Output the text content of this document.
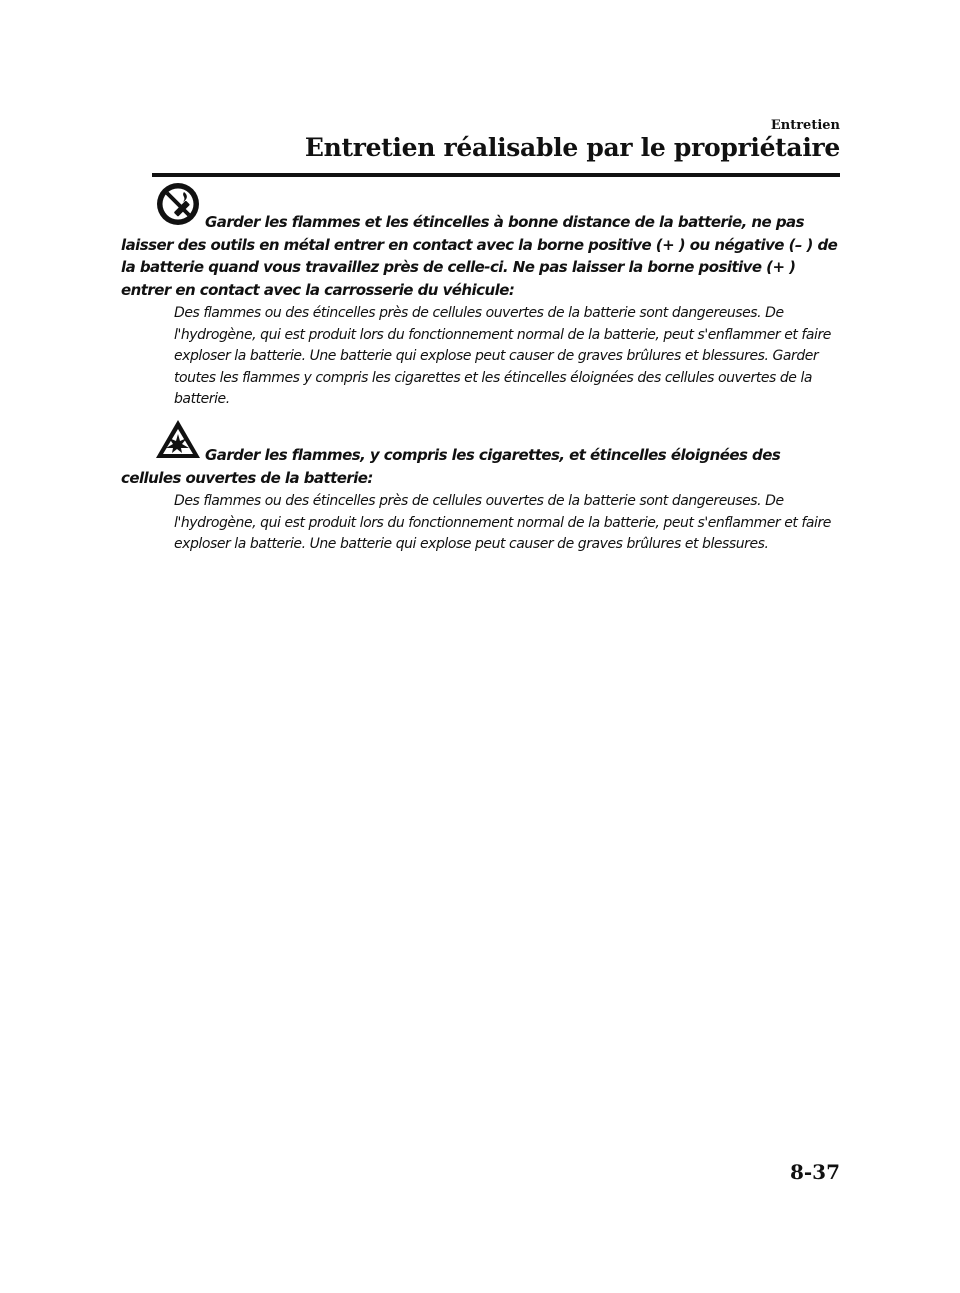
Entretien
Entretien réalisable par le propriétaire

Garder les flammes et les étincelles à bonne distance de la batterie, ne pas laisser des outils en métal entrer en contact avec la borne positive (+ ) ou négative (– ) de la batterie quand vous travaillez près de celle-ci. Ne pas laisser la borne positive (+ ) entrer en contact avec la carrosserie du véhicule:

Des flammes ou des étincelles près de cellules ouvertes de la batterie sont dangereuses. De l'hydrogène, qui est produit lors du fonctionnement normal de la batterie, peut s'enflammer et faire exploser la batterie. Une batterie qui explose peut causer de graves brûlures et blessures. Garder toutes les flammes y compris les cigarettes et les étincelles éloignées des cellules ouvertes de la batterie.

Garder les flammes, y compris les cigarettes, et étincelles éloignées des cellules ouvertes de la batterie:

Des flammes ou des étincelles près de cellules ouvertes de la batterie sont dangereuses. De l'hydrogène, qui est produit lors du fonctionnement normal de la batterie, peut s'enflammer et faire exploser la batterie. Une batterie qui explose peut causer de graves brûlures et blessures.

8-37
